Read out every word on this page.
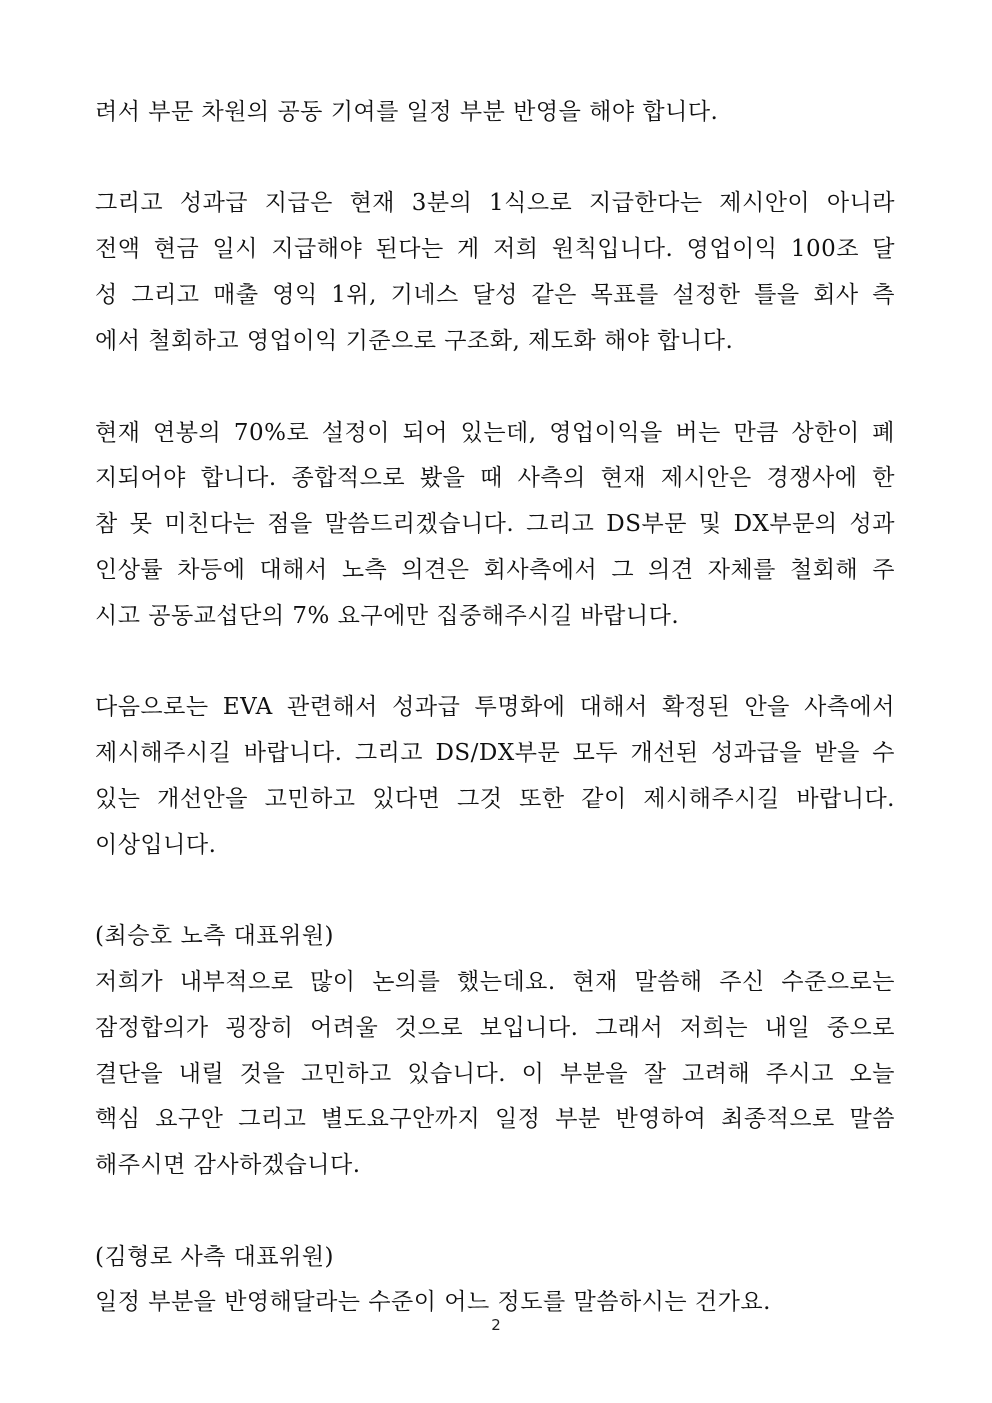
려서 부문 차원의 공동 기여를 일정 부분 반영을 해야 합니다.
그리고 성과급 지급은 현재 3분의 1식으로 지급한다는 제시안이 아니라
전액 현금 일시 지급해야 된다는 게 저희 원칙입니다. 영업이익 100조 달
성 그리고 매출 영익 1위, 기네스 달성 같은 목표를 설정한 틀을 회사 측
에서 철회하고 영업이익 기준으로 구조화, 제도화 해야 합니다.
현재 연봉의 70%로 설정이 되어 있는데, 영업이익을 버는 만큼 상한이 폐
지되어야 합니다. 종합적으로 봤을 때 사측의 현재 제시안은 경쟁사에 한
참 못 미친다는 점을 말씀드리겠습니다. 그리고 DS부문 및 DX부문의 성과
인상률 차등에 대해서 노측 의견은 회사측에서 그 의견 자체를 철회해 주
시고 공동교섭단의 7% 요구에만 집중해주시길 바랍니다.
다음으로는 EVA 관련해서 성과급 투명화에 대해서 확정된 안을 사측에서
제시해주시길 바랍니다. 그리고 DS/DX부문 모두 개선된 성과급을 받을 수
있는 개선안을 고민하고 있다면 그것 또한 같이 제시해주시길 바랍니다.
이상입니다.
(최승호 노측 대표위원)
저희가 내부적으로 많이 논의를 했는데요. 현재 말씀해 주신 수준으로는
잠정합의가 굉장히 어려울 것으로 보입니다. 그래서 저희는 내일 중으로
결단을 내릴 것을 고민하고 있습니다. 이 부분을 잘 고려해 주시고 오늘
핵심 요구안 그리고 별도요구안까지 일정 부분 반영하여 최종적으로 말씀
해주시면 감사하겠습니다.
(김형로 사측 대표위원)
일정 부분을 반영해달라는 수준이 어느 정도를 말씀하시는 건가요.
2
